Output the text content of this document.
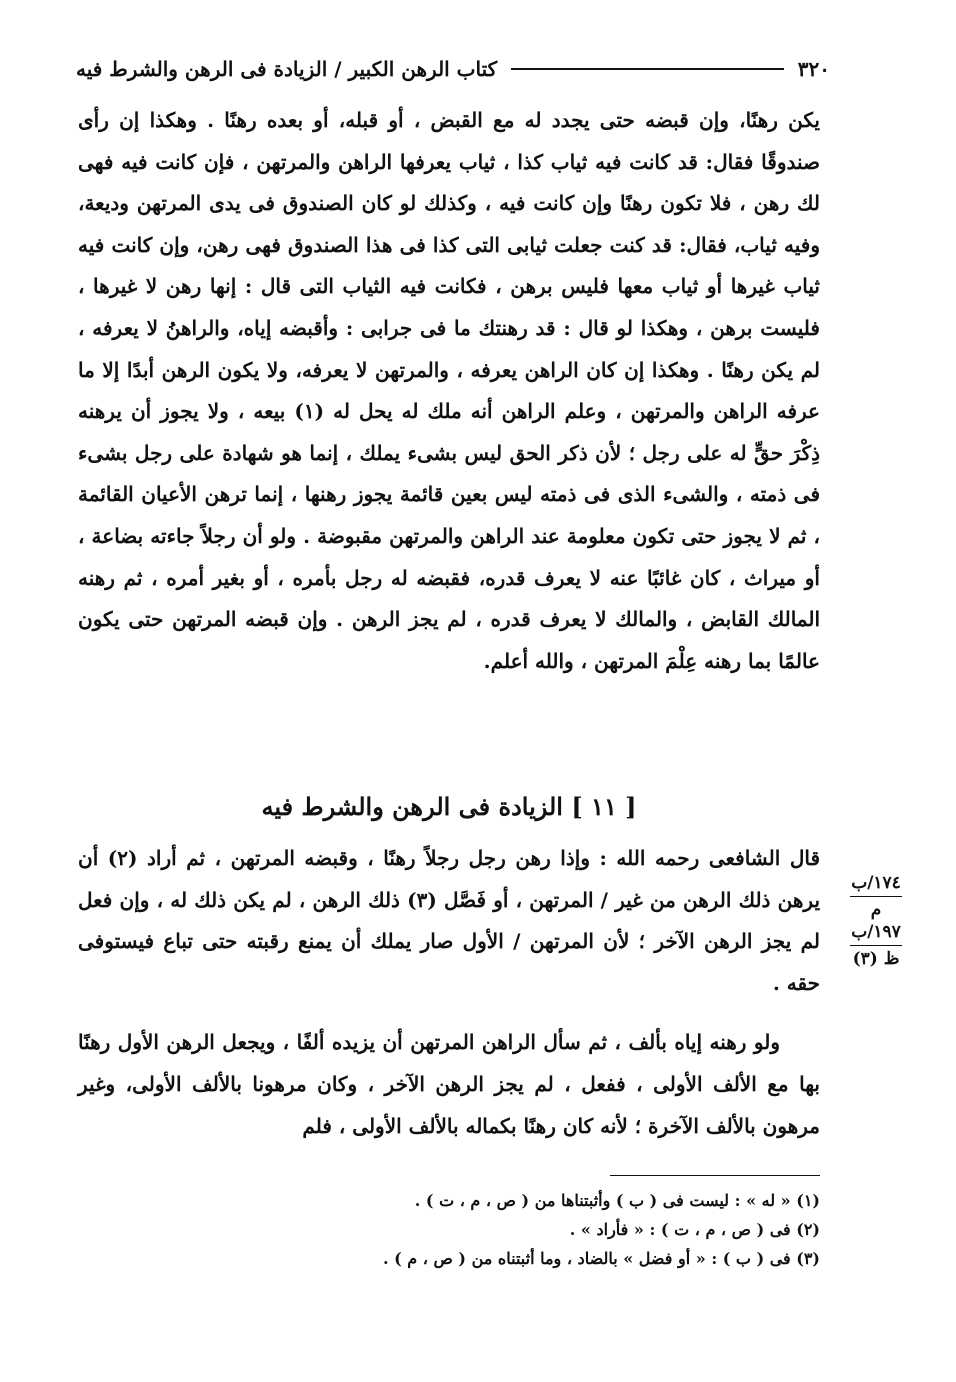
٣٢٠
كتاب الرهن الكبير / الزيادة فى الرهن والشرط فيه

يكن رهنًا، وإن قبضه حتى يجدد له مع القبض ، أو قبله، أو بعده رهنًا . وهكذا إن رأى صندوقًا فقال: قد كانت فيه ثياب كذا ، ثياب يعرفها الراهن والمرتهن ، فإن كانت فيه فهى لك رهن ، فلا تكون رهنًا وإن كانت فيه ، وكذلك لو كان الصندوق فى يدى المرتهن وديعة، وفيه ثياب، فقال: قد كنت جعلت ثيابى التى كذا فى هذا الصندوق فهى رهن، وإن كانت فيه ثياب غيرها أو ثياب معها فليس برهن ، فكانت فيه الثياب التى قال : إنها رهن لا غيرها ، فليست برهن ، وهكذا لو قال : قد رهنتك ما فى جرابى : وأقبضه إياه، والراهنُ لا يعرفه ، لم يكن رهنًا . وهكذا إن كان الراهن يعرفه ، والمرتهن لا يعرفه، ولا يكون الرهن أبدًا إلا ما عرفه الراهن والمرتهن ، وعلم الراهن أنه ملك له يحل له (١) بيعه ، ولا يجوز أن يرهنه ذِكْرَ حقٍّ له على رجل ؛ لأن ذكر الحق ليس بشىء يملك ، إنما هو شهادة على رجل بشىء فى ذمته ، والشىء الذى فى ذمته ليس بعين قائمة يجوز رهنها ، إنما ترهن الأعيان القائمة ، ثم لا يجوز حتى تكون معلومة عند الراهن والمرتهن مقبوضة . ولو أن رجلاً جاءته بضاعة ، أو ميراث ، كان غائبًا عنه لا يعرف قدره، فقبضه له رجل بأمره ، أو بغير أمره ، ثم رهنه المالك القابض ، والمالك لا يعرف قدره ، لم يجز الرهن . وإن قبضه المرتهن حتى يكون عالمًا بما رهنه عِلْمَ المرتهن ، والله أعلم.

[ ١١ ] الزيادة فى الرهن والشرط فيه

قال الشافعى رحمه الله : وإذا رهن رجل رجلاً رهنًا ، وقبضه المرتهن ، ثم أراد (٢) أن يرهن ذلك الرهن من غير / المرتهن ، أو فَصَّل (٣) ذلك الرهن ، لم يكن ذلك له ، وإن فعل لم يجز الرهن الآخر ؛ لأن المرتهن / الأول صار يملك أن يمنع رقبته حتى تباع فيستوفى حقه .

ولو رهنه إياه بألف ، ثم سأل الراهن المرتهن أن يزيده ألفًا ، ويجعل الرهن الأول رهنًا بها مع الألف الأولى ، ففعل ، لم يجز الرهن الآخر ، وكان مرهونا بالألف الأولى، وغير مرهون بالألف الآخرة ؛ لأنه كان رهنًا بكماله بالألف الأولى ، فلم

١٧٤/ب
م
١٩٧/ب
ظ (٣)
(١) « له » : ليست فى ( ب ) وأثبتناها من ( ص ، م ، ت ) .
(٢) فى ( ص ، م ، ت ) : « فأراد » .
(٣) فى ( ب ) : « أو فضل » بالضاد ، وما أثبتناه من ( ص ، م ) .
